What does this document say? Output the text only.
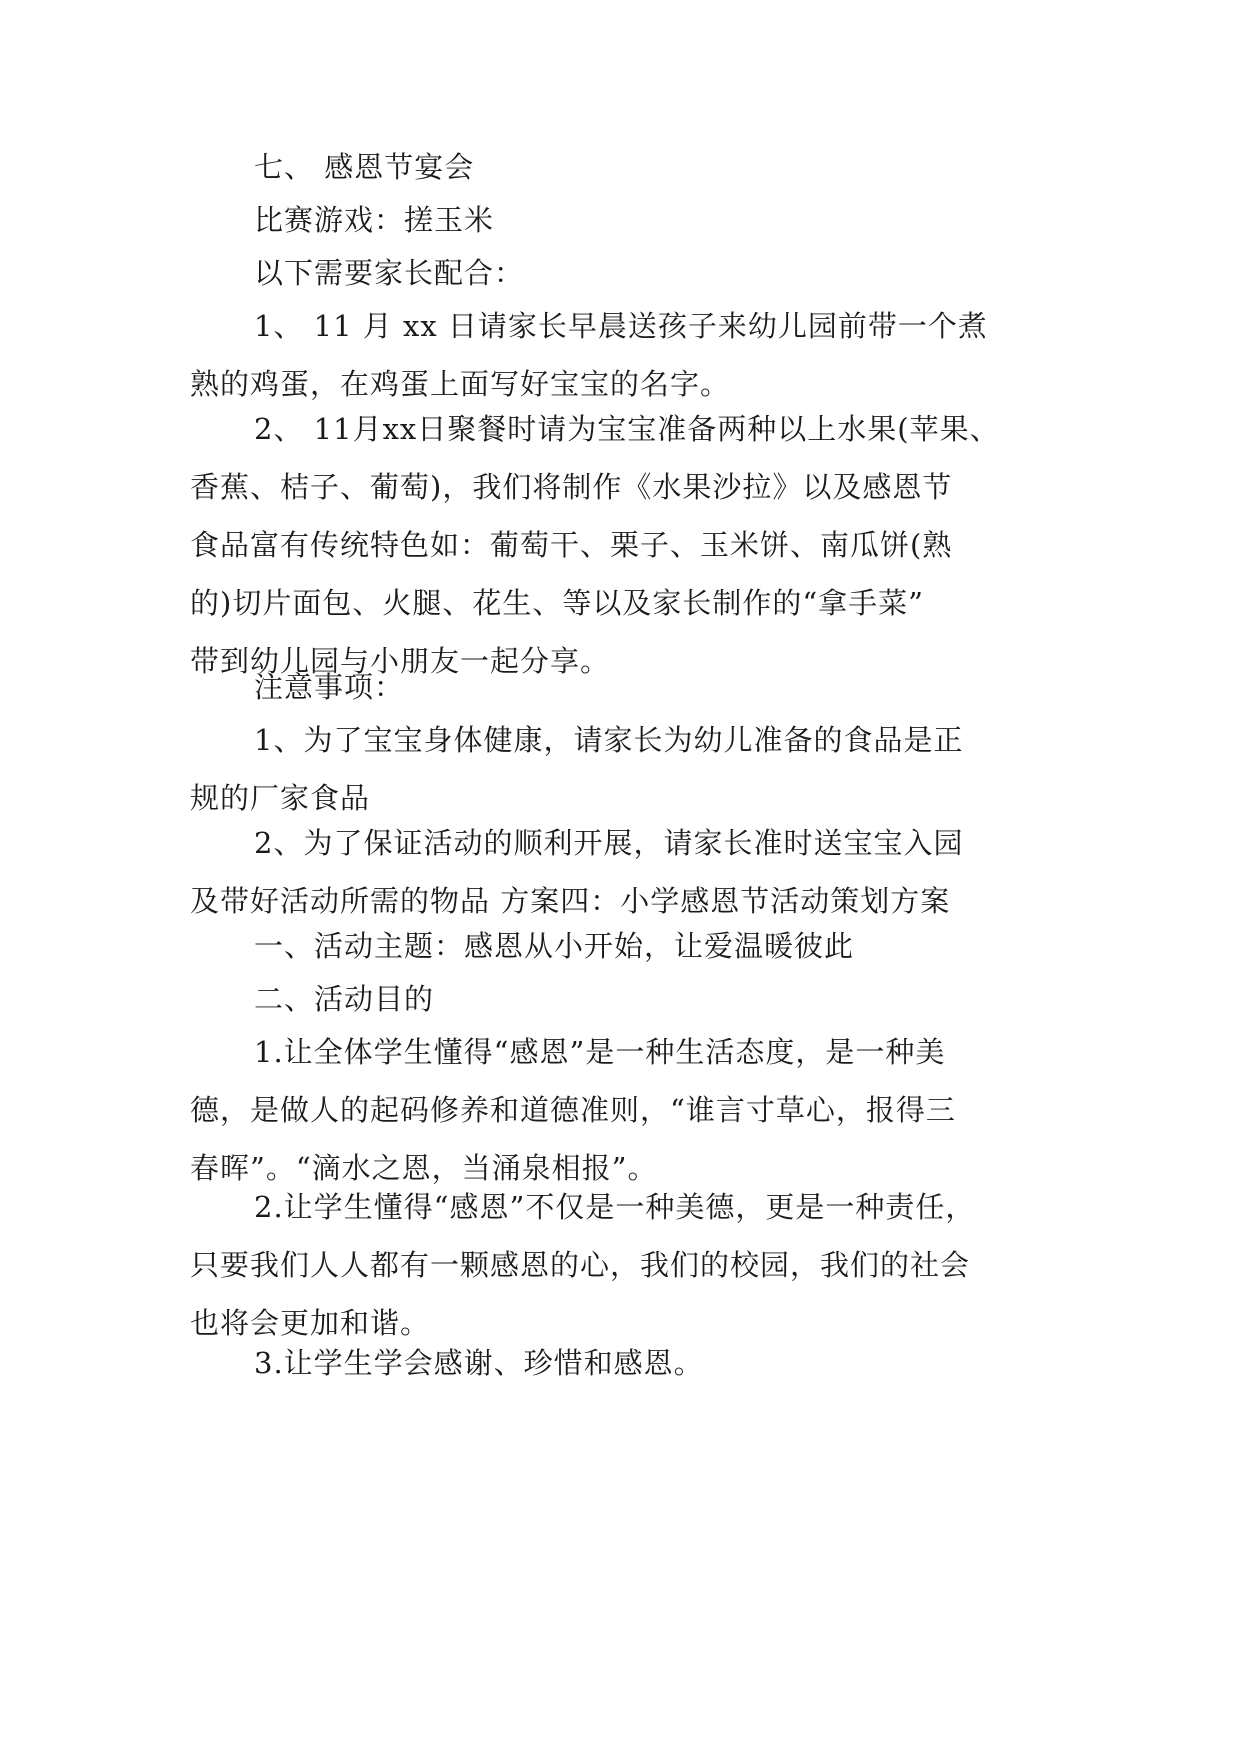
七、 感恩节宴会
比赛游戏：搓玉米
以下需要家长配合：
1、 11 月 xx 日请家长早晨送孩子来幼儿园前带一个煮
熟的鸡蛋，在鸡蛋上面写好宝宝的名字。
2、 11月xx日聚餐时请为宝宝准备两种以上水果(苹果、
香蕉、桔子、葡萄)，我们将制作《水果沙拉》以及感恩节
食品富有传统特色如：葡萄干、栗子、玉米饼、南瓜饼(熟
的)切片面包、火腿、花生、等以及家长制作的“拿手菜”
带到幼儿园与小朋友一起分享。
注意事项：
1、为了宝宝身体健康，请家长为幼儿准备的食品是正
规的厂家食品
2、为了保证活动的顺利开展，请家长准时送宝宝入园
及带好活动所需的物品 方案四：小学感恩节活动策划方案
一、活动主题：感恩从小开始，让爱温暖彼此
二、活动目的
1.让全体学生懂得“感恩”是一种生活态度，是一种美
德，是做人的起码修养和道德准则，“谁言寸草心，报得三
春晖”。“滴水之恩，当涌泉相报”。
2.让学生懂得“感恩”不仅是一种美德，更是一种责任，
只要我们人人都有一颗感恩的心，我们的校园，我们的社会
也将会更加和谐。
3.让学生学会感谢、珍惜和感恩。
